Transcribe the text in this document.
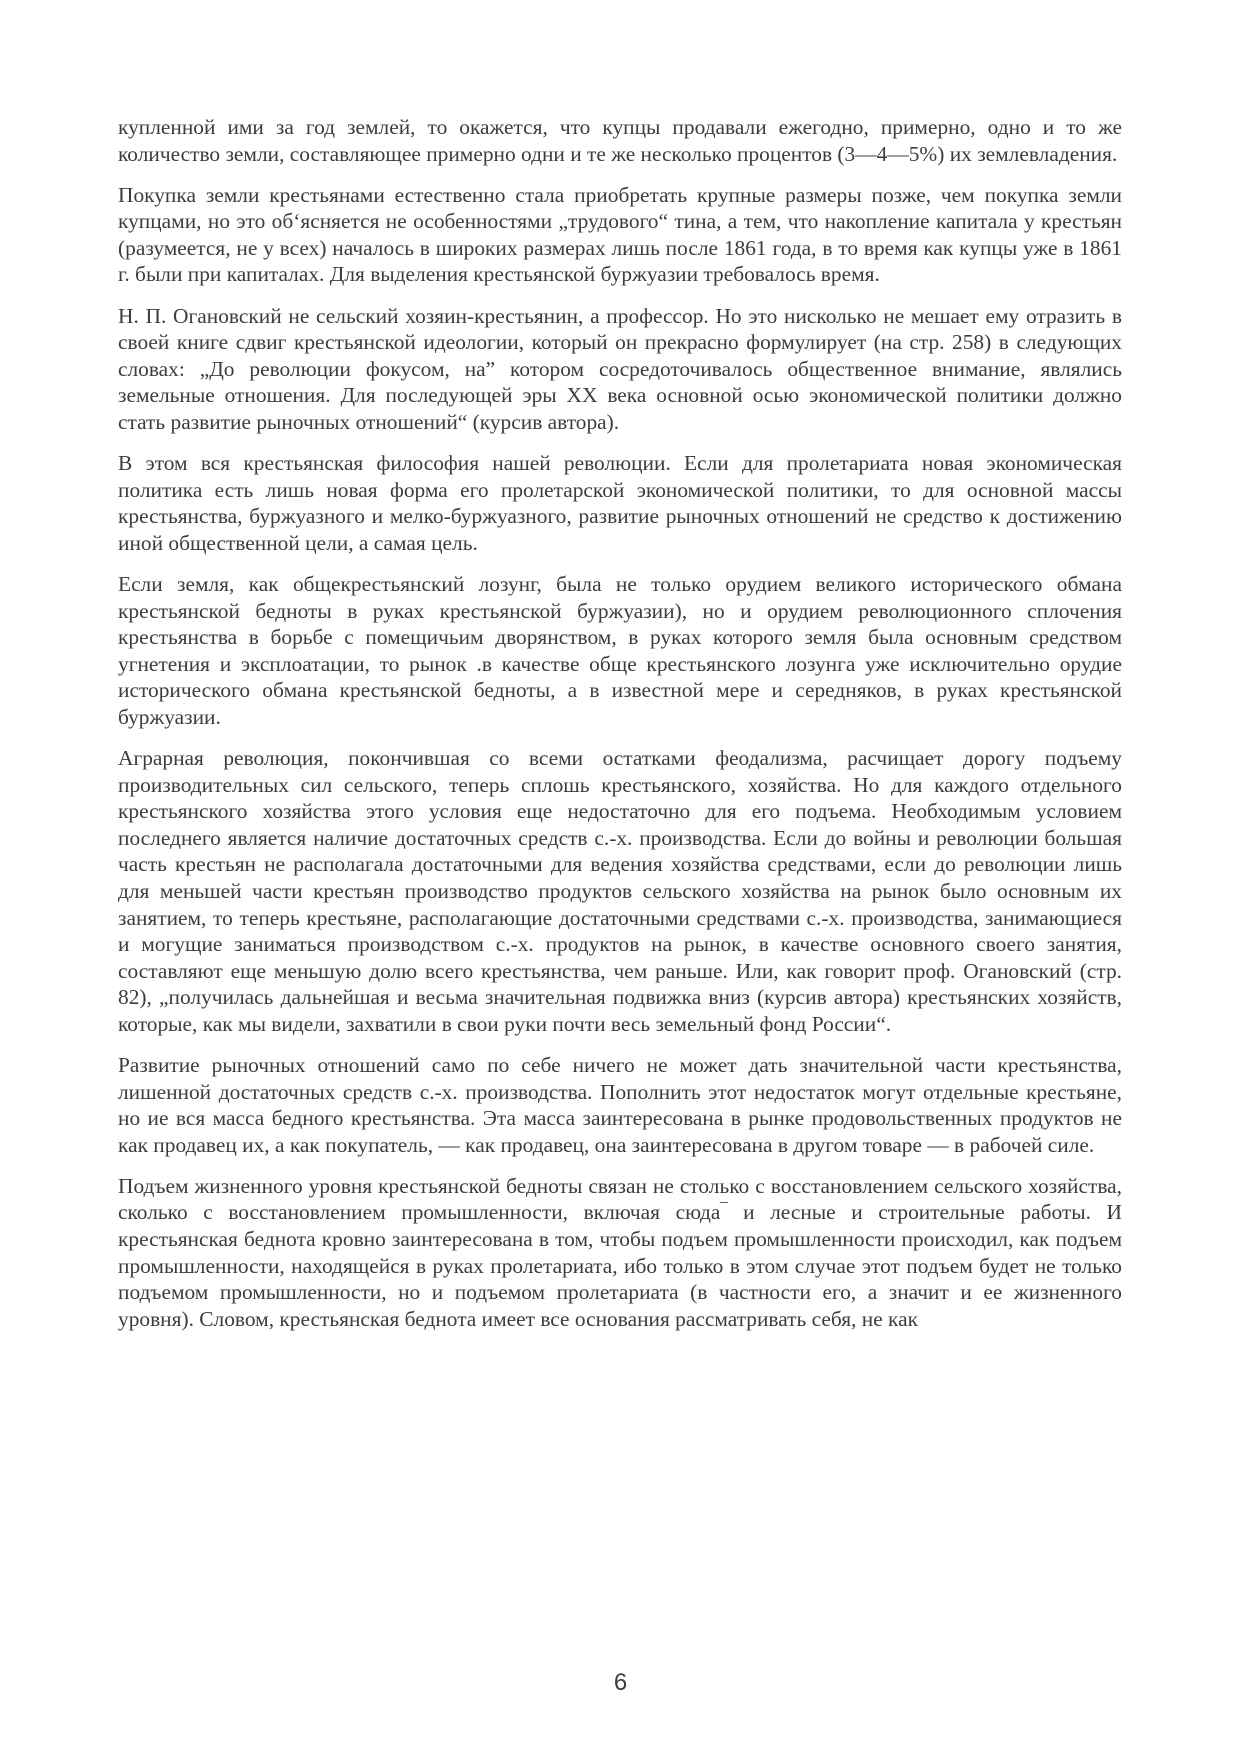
купленной ими за год землей, то окажется, что купцы продавали ежегодно, примерно, одно и то же количество земли, составляющее примерно одни и те же несколько процентов (3—4—5%) их землевладения.

Покупка земли крестьянами естественно стала приобретать крупные размеры позже, чем покупка земли купцами, но это об‘ясняется не особенностями „трудового“ тина, а тем, что накопление капитала у крестьян (разумеется, не у всех) началось в широких размерах лишь после 1861 года, в то время как купцы уже в 1861 г. были при капиталах. Для выделения крестьянской буржуазии требовалось время.

Н. П. Огановский не сельский хозяин-крестьянин, а профессор. Но это нисколько не мешает ему отразить в своей книге сдвиг крестьянской идеологии, который он прекрасно формулирует (на стр. 258) в следующих словах: „До революции фокусом, на” котором сосредоточивалось общественное внимание, являлись земельные отношения. Для последующей эры XX века основной осью экономической политики должно стать развитие рыночных отношений“ (курсив автора).

В этом вся крестьянская философия нашей революции. Если для пролетариата новая экономическая политика есть лишь новая форма его пролетарской экономической политики, то для основной массы крестьянства, буржуазного и мелко-буржуазного, развитие рыночных отношений не средство к достижению иной общественной цели, а самая цель.

Если земля, как общекрестьянский лозунг, была не только орудием великого исторического обмана крестьянской бедноты в руках крестьянской буржуазии), но и орудием революционного сплочения крестьянства в борьбе с помещичьим дворянством, в руках которого земля была основным средством угнетения и эксплоатации, то рынок .в качестве обще крестьянского лозунга уже исключительно орудие исторического обмана крестьянской бедноты, а в известной мере и середняков, в руках крестьянской буржуазии.

Аграрная революция, покончившая со всеми остатками феодализма, расчищает дорогу подъему производительных сил сельского, теперь сплошь крестьянского, хозяйства. Но для каждого отдельного крестьянского хозяйства этого условия еще недостаточно для его подъема. Необходимым условием последнего является наличие достаточных средств с.-х. производства. Если до войны и революции большая часть крестьян не располагала достаточными для ведения хозяйства средствами, если до революции лишь для меньшей части крестьян производство продуктов сельского хозяйства на рынок было основным их занятием, то теперь крестьяне, располагающие достаточными средствами с.-х. производства, занимающиеся и могущие заниматься производством с.-х. продуктов на рынок, в качестве основного своего занятия, составляют еще меньшую долю всего крестьянства, чем раньше. Или, как говорит проф. Огановский (стр. 82), „получилась дальнейшая и весьма значительная подвижка вниз (курсив автора) крестьянских хозяйств, которые, как мы видели, захватили в свои руки почти весь земельный фонд России“.

Развитие рыночных отношений само по себе ничего не может дать значительной части крестьянства, лишенной достаточных средств с.-х. производства. Пополнить этот недостаток могут отдельные крестьяне, но ие вся масса бедного крестьянства. Эта масса заинтересована в рынке продовольственных продуктов не как продавец их, а как покупатель, — как продавец, она заинтересована в другом товаре — в рабочей силе.

Подъем жизненного уровня крестьянской бедноты связан не столько с восстановлением сельского хозяйства, сколько с восстановлением промышленности, включая сюда‾ и лесные и строительные работы. И крестьянская беднота кровно заинтересована в том, чтобы подъем промышленности происходил, как подъем промышленности, находящейся в руках пролетариата, ибо только в этом случае этот подъем будет не только подъемом промышленности, но и подъемом пролетариата (в частности его, а значит и ее жизненного уровня). Словом, крестьянская беднота имеет все основания рассматривать себя, не как

6
